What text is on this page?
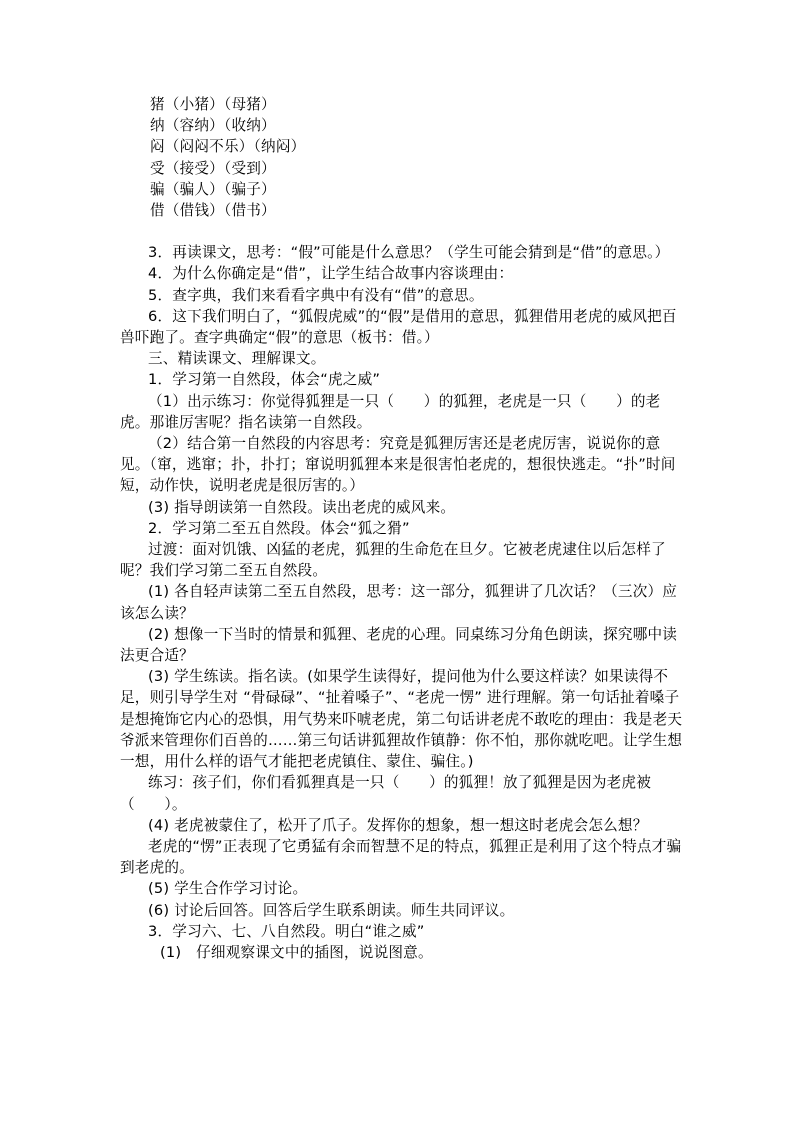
猪（小猪）（母猪）

纳（容纳）（收纳）

闷（闷闷不乐）（纳闷）

受（接受）（受到）

骗（骗人）（骗子）

借（借钱）（借书）

3．再读课文，思考：“假”可能是什么意思？（学生可能会猜到是“借”的意思。）

4．为什么你确定是“借”，让学生结合故事内容谈理由：

5．查字典，我们来看看字典中有没有“借”的意思。

6．这下我们明白了，“狐假虎威”的“假”是借用的意思，狐狸借用老虎的威风把百兽吓跑了。查字典确定“假”的意思（板书：借。）

三、精读课文、理解课文。

1．学习第一自然段，体会“虎之威”

（1）出示练习：你觉得狐狸是一只（　　）的狐狸，老虎是一只（　　）的老虎。那谁厉害呢？指名读第一自然段。

（2）结合第一自然段的内容思考：究竟是狐狸厉害还是老虎厉害，说说你的意见。（窜，逃窜；扑，扑打；窜说明狐狸本来是很害怕老虎的，想很快逃走。“扑”时间短，动作快，说明老虎是很厉害的。）

(3) 指导朗读第一自然段。读出老虎的威风来。

2．学习第二至五自然段。体会“狐之猾”

过渡：面对饥饿、凶猛的老虎，狐狸的生命危在旦夕。它被老虎逮住以后怎样了呢？我们学习第二至五自然段。

(1) 各自轻声读第二至五自然段，思考：这一部分，狐狸讲了几次话？（三次）应该怎么读？

(2) 想像一下当时的情景和狐狸、老虎的心理。同桌练习分角色朗读，探究哪中读法更合适？

(3) 学生练读。指名读。(如果学生读得好，提问他为什么要这样读？如果读得不足，则引导学生对 “骨碌碌”、“扯着嗓子”、“老虎一愣” 进行理解。第一句话扯着嗓子是想掩饰它内心的恐惧，用气势来吓唬老虎，第二句话讲老虎不敢吃的理由：我是老天爷派来管理你们百兽的……第三句话讲狐狸故作镇静：你不怕，那你就吃吧。让学生想一想，用什么样的语气才能把老虎镇住、蒙住、骗住。)

练习：孩子们，你们看狐狸真是一只（　　）的狐狸！放了狐狸是因为老虎被（　　）。

(4) 老虎被蒙住了，松开了爪子。发挥你的想象，想一想这时老虎会怎么想？

老虎的“愣”正表现了它勇猛有余而智慧不足的特点，狐狸正是利用了这个特点才骗到老虎的。

(5) 学生合作学习讨论。

(6) 讨论后回答。回答后学生联系朗读。师生共同评议。

3．学习六、七、八自然段。明白“谁之威”

(1)　仔细观察课文中的插图，说说图意。
